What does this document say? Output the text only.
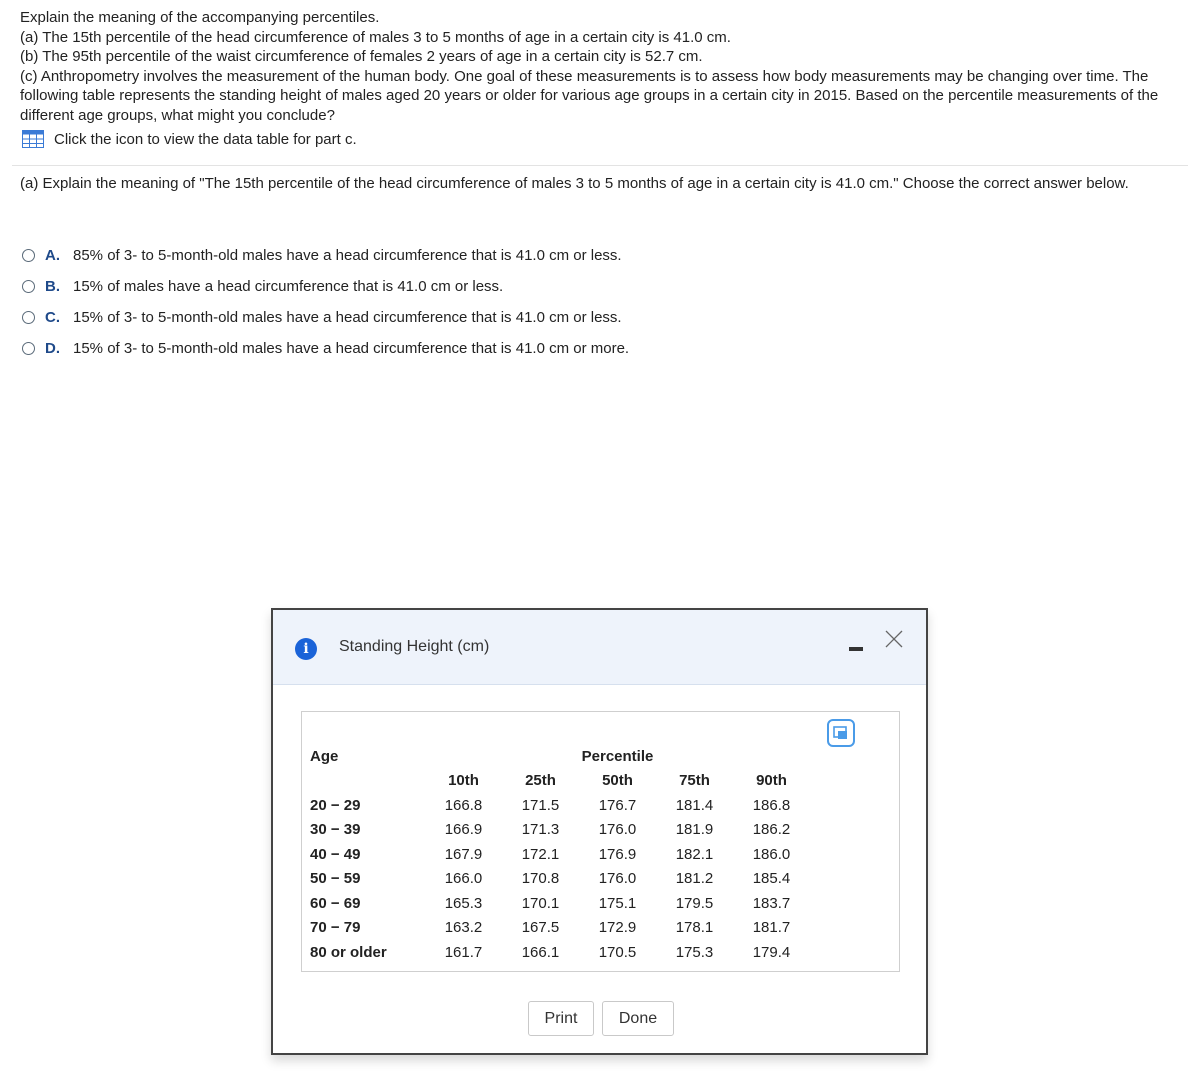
Explain the meaning of the accompanying percentiles.
(a) The 15th percentile of the head circumference of males 3 to 5 months of age in a certain city is 41.0 cm.
(b) The 95th percentile of the waist circumference of females 2 years of age in a certain city is 52.7 cm.
(c) Anthropometry involves the measurement of the human body. One goal of these measurements is to assess how body measurements may be changing over time. The following table represents the standing height of males aged 20 years or older for various age groups in a certain city in 2015. Based on the percentile measurements of the different age groups, what might you conclude?
Click the icon to view the data table for part c.
(a) Explain the meaning of "The 15th percentile of the head circumference of males 3 to 5 months of age in a certain city is 41.0 cm." Choose the correct answer below.
A. 85% of 3- to 5-month-old males have a head circumference that is 41.0 cm or less.
B. 15% of males have a head circumference that is 41.0 cm or less.
C. 15% of 3- to 5-month-old males have a head circumference that is 41.0 cm or less.
D. 15% of 3- to 5-month-old males have a head circumference that is 41.0 cm or more.
i	Standing Height (cm)
Age			Percentile		
	10th	25th	50th	75th	90th
20 − 29	166.8	171.5	176.7	181.4	186.8
30 − 39	166.9	171.3	176.0	181.9	186.2
40 − 49	167.9	172.1	176.9	182.1	186.0
50 − 59	166.0	170.8	176.0	181.2	185.4
60 − 69	165.3	170.1	175.1	179.5	183.7
70 − 79	163.2	167.5	172.9	178.1	181.7
80 or older	161.7	166.1	170.5	175.3	179.4
Print	Done
